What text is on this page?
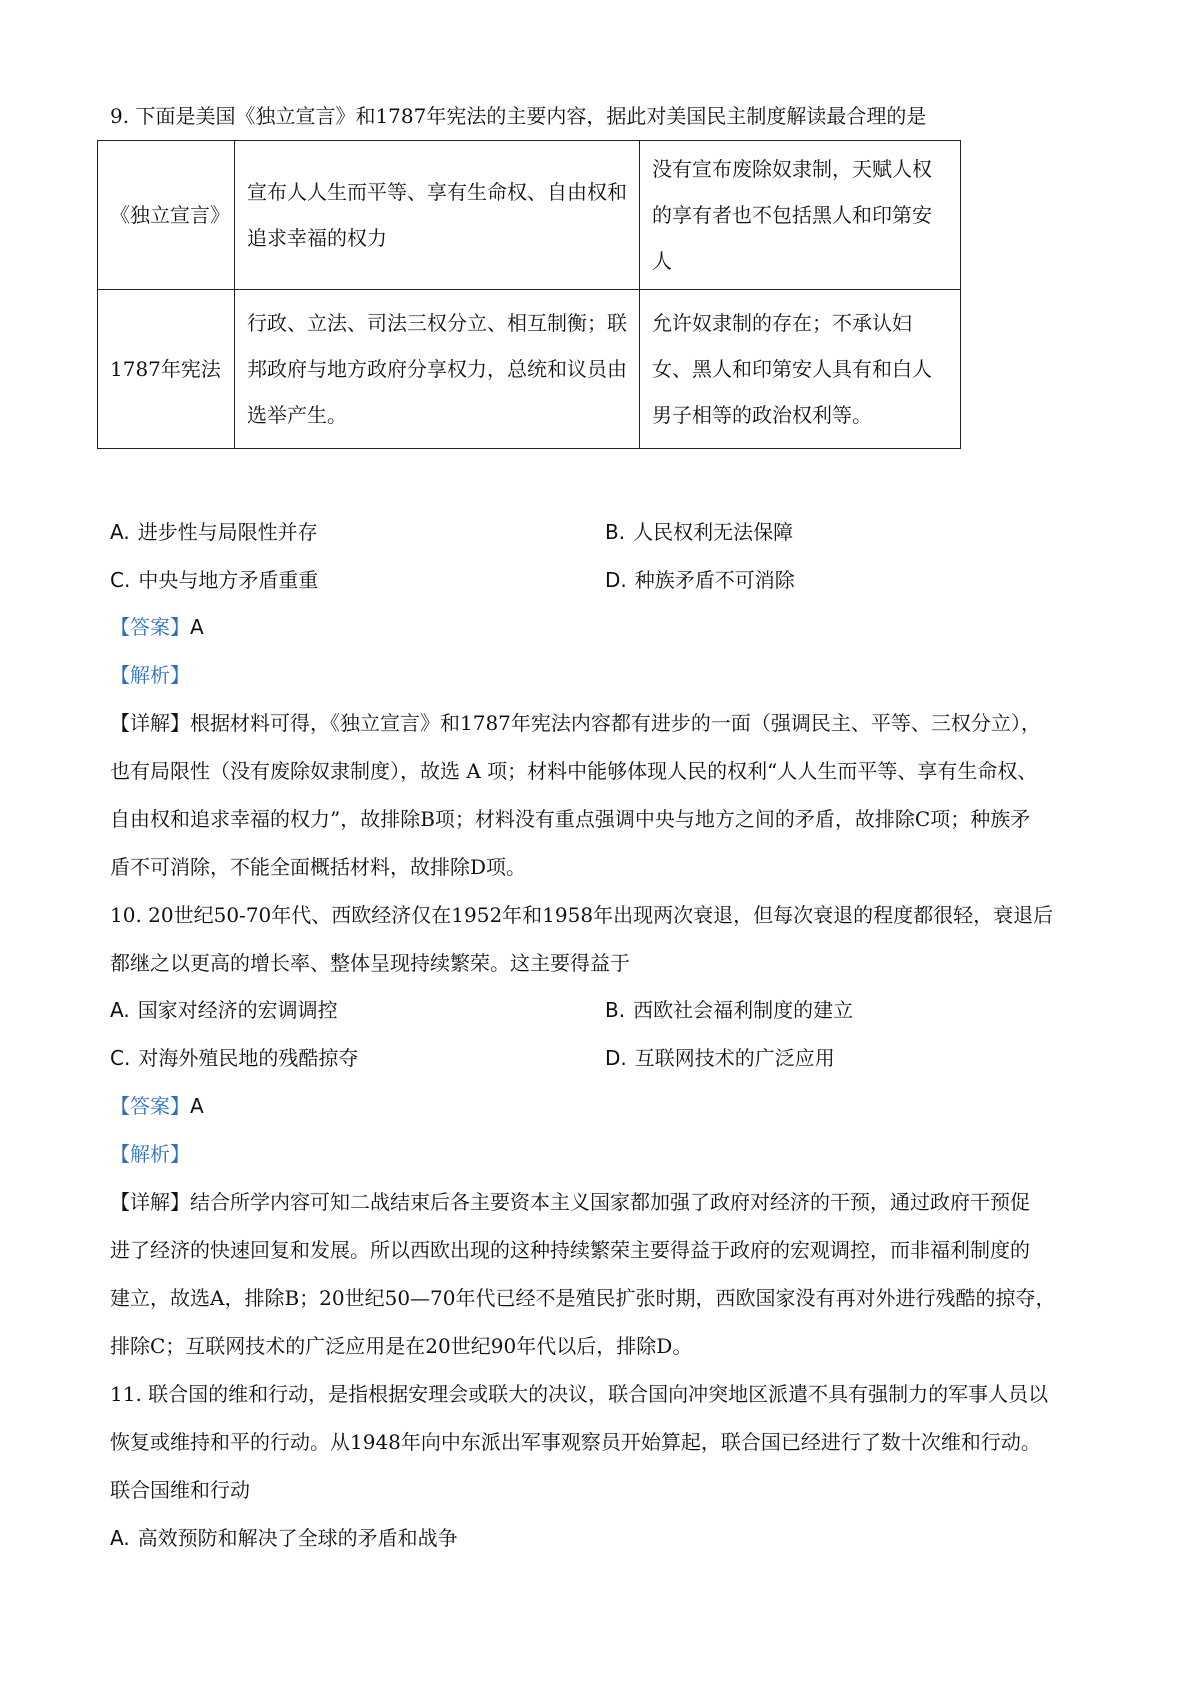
9. 下面是美国《独立宣言》和1787年宪法的主要内容，据此对美国民主制度解读最合理的是
《独立宣言》	宣布人人生而平等、享有生命权、自由权和追求幸福的权力	没有宣布废除奴隶制，天赋人权的享有者也不包括黑人和印第安人
1787年宪法	行政、立法、司法三权分立、相互制衡；联邦政府与地方政府分享权力，总统和议员由选举产生。	允许奴隶制的存在；不承认妇女、黑人和印第安人具有和白人男子相等的政治权利等。
A. 进步性与局限性并存	B. 人民权利无法保障
C. 中央与地方矛盾重重	D. 种族矛盾不可消除
【答案】A
【解析】
【详解】根据材料可得，《独立宣言》和1787年宪法内容都有进步的一面（强调民主、平等、三权分立），
也有局限性（没有废除奴隶制度），故选 A 项；材料中能够体现人民的权利“人人生而平等、享有生命权、
自由权和追求幸福的权力”，故排除B项；材料没有重点强调中央与地方之间的矛盾，故排除C项；种族矛
盾不可消除，不能全面概括材料，故排除D项。
10. 20世纪50-70年代、西欧经济仅在1952年和1958年出现两次衰退，但每次衰退的程度都很轻，衰退后
都继之以更高的增长率、整体呈现持续繁荣。这主要得益于
A. 国家对经济的宏调调控	B. 西欧社会福利制度的建立
C. 对海外殖民地的残酷掠夺	D. 互联网技术的广泛应用
【答案】A
【解析】
【详解】结合所学内容可知二战结束后各主要资本主义国家都加强了政府对经济的干预，通过政府干预促
进了经济的快速回复和发展。所以西欧出现的这种持续繁荣主要得益于政府的宏观调控，而非福利制度的
建立，故选A，排除B；20世纪50—70年代已经不是殖民扩张时期，西欧国家没有再对外进行残酷的掠夺，
排除C；互联网技术的广泛应用是在20世纪90年代以后，排除D。
11. 联合国的维和行动，是指根据安理会或联大的决议，联合国向冲突地区派遣不具有强制力的军事人员以
恢复或维持和平的行动。从1948年向中东派出军事观察员开始算起，联合国已经进行了数十次维和行动。
联合国维和行动
A. 高效预防和解决了全球的矛盾和战争
